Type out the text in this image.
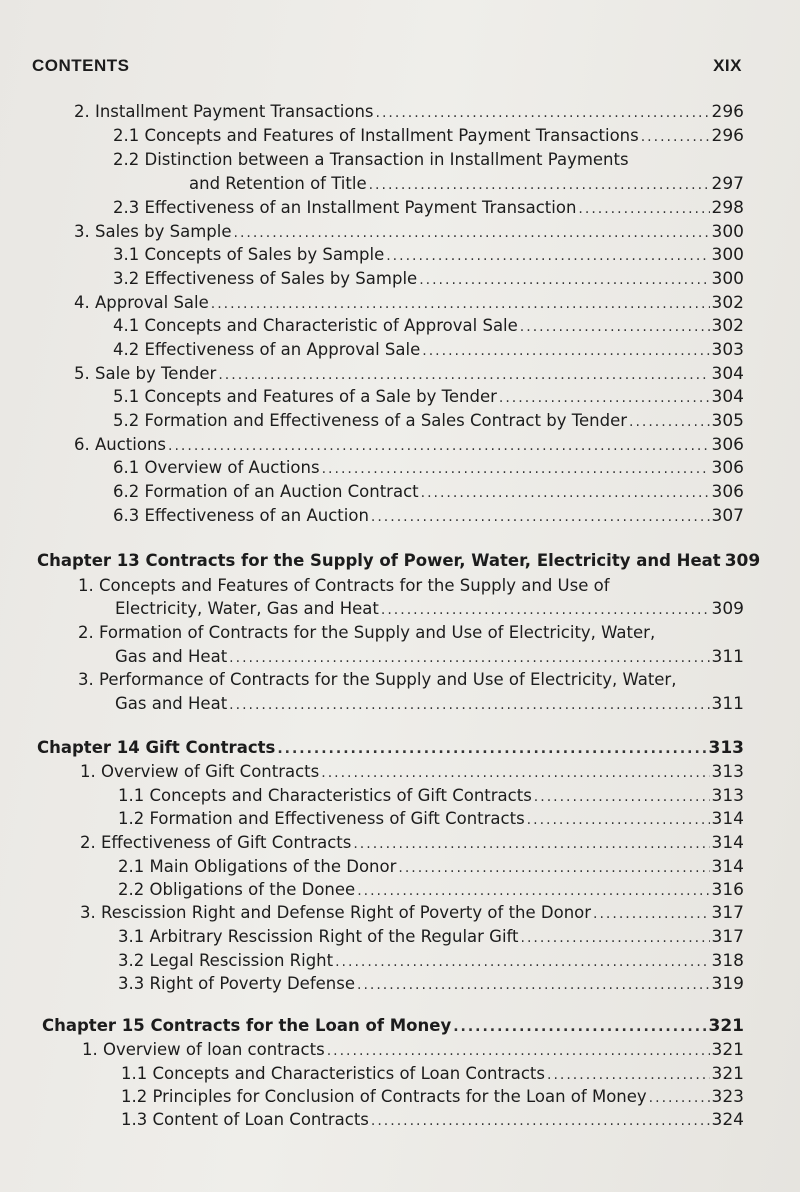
CONTENTS	XIX
2. Installment Payment Transactions .....	296
2.1 Concepts and Features of Installment Payment Transactions .....	296
2.2 Distinction between a Transaction in Installment Payments
and Retention of Title .....	297
2.3 Effectiveness of an Installment Payment Transaction .....	298
3. Sales by Sample .....	300
3.1 Concepts of Sales by Sample .....	300
3.2 Effectiveness of Sales by Sample .....	300
4. Approval Sale .....	302
4.1 Concepts and Characteristic of Approval Sale .....	302
4.2 Effectiveness of an Approval Sale .....	303
5. Sale by Tender .....	304
5.1 Concepts and Features of a Sale by Tender .....	304
5.2 Formation and Effectiveness of a Sales Contract by Tender .....	305
6. Auctions .....	306
6.1 Overview of Auctions .....	306
6.2 Formation of an Auction Contract .....	306
6.3 Effectiveness of an Auction .....	307
Chapter 13 Contracts for the Supply of Power, Water, Electricity and Heat 309
1. Concepts and Features of Contracts for the Supply and Use of
Electricity, Water, Gas and Heat .....	309
2. Formation of Contracts for the Supply and Use of Electricity, Water,
Gas and Heat .....	311
3. Performance of Contracts for the Supply and Use of Electricity, Water,
Gas and Heat .....	311
Chapter 14 Gift Contracts .....	313
1. Overview of Gift Contracts .....	313
1.1 Concepts and Characteristics of Gift Contracts .....	313
1.2 Formation and Effectiveness of Gift Contracts .....	314
2. Effectiveness of Gift Contracts .....	314
2.1 Main Obligations of the Donor .....	314
2.2 Obligations of the Donee .....	316
3. Rescission Right and Defense Right of Poverty of the Donor .....	317
3.1 Arbitrary Rescission Right of the Regular Gift .....	317
3.2 Legal Rescission Right .....	318
3.3 Right of Poverty Defense .....	319
Chapter 15 Contracts for the Loan of Money .....	321
1. Overview of loan contracts .....	321
1.1 Concepts and Characteristics of Loan Contracts .....	321
1.2 Principles for Conclusion of Contracts for the Loan of Money .....	323
1.3 Content of Loan Contracts .....	324
